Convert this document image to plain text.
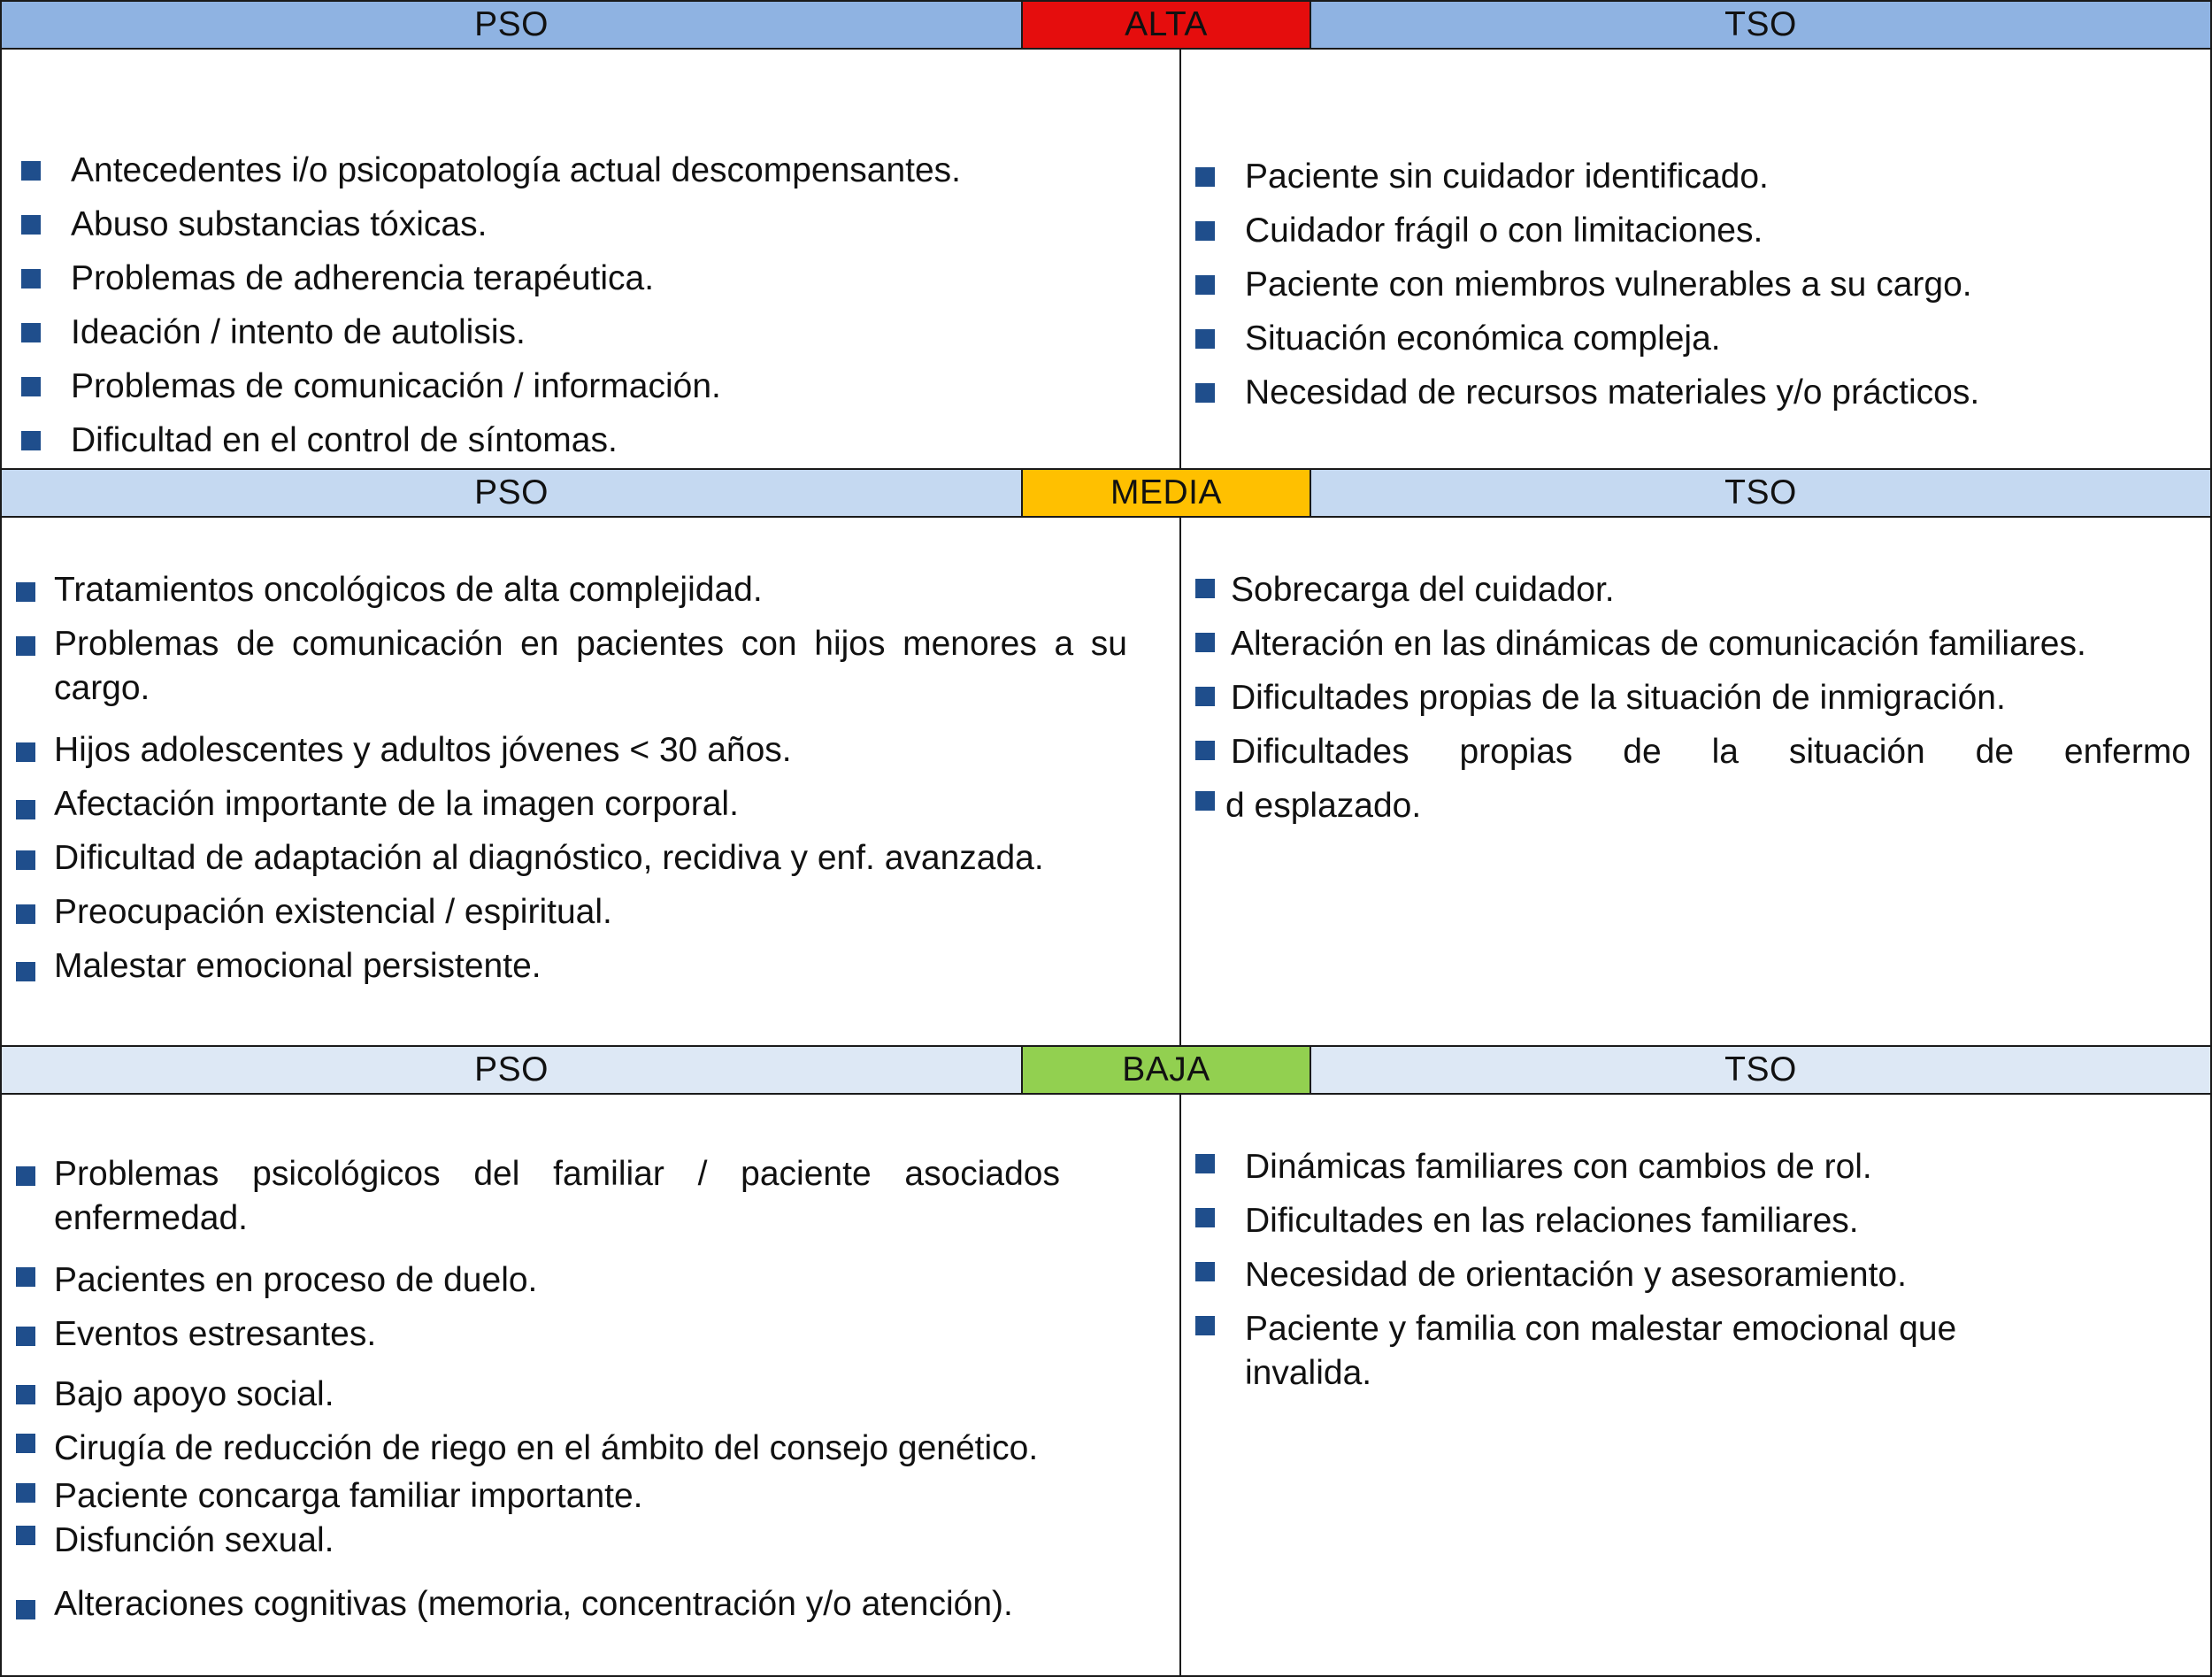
PSO	ALTA	TSO
Antecedentes i/o psicopatología actual descompensantes.
Abuso substancias tóxicas.
Problemas de adherencia terapéutica.
Ideación / intento de autolisis.
Problemas de comunicación / información.
Dificultad en el control de síntomas.
Paciente sin cuidador identificado.
Cuidador frágil o con limitaciones.
Paciente con miembros vulnerables a su cargo.
Situación económica compleja.
Necesidad de recursos materiales y/o prácticos.
PSO	MEDIA	TSO
Tratamientos oncológicos de alta complejidad.
Problemas de comunicación en pacientes con hijos menores a su cargo.
Hijos adolescentes y adultos jóvenes < 30 años.
Afectación importante de la imagen corporal.
Dificultad de adaptación al diagnóstico, recidiva y enf. avanzada.
Preocupación existencial / espiritual.
Malestar emocional persistente.
Sobrecarga del cuidador.
Alteración en las dinámicas de comunicación familiares.
Dificultades propias de la situación de inmigración.
Dificultades propias de la situación de enfermo
d esplazado.
PSO	BAJA	TSO
Problemas psicológicos del familiar / paciente asociados enfermedad.
Pacientes en proceso de duelo.
Eventos estresantes.
Bajo apoyo social.
Cirugía de reducción de riego en el ámbito del consejo genético.
Paciente concarga familiar importante.
Disfunción sexual.
Alteraciones cognitivas (memoria, concentración y/o atención).
Dinámicas familiares con cambios de rol.
Dificultades en las relaciones familiares.
Necesidad de orientación y asesoramiento.
Paciente y familia con malestar emocional que invalida.
